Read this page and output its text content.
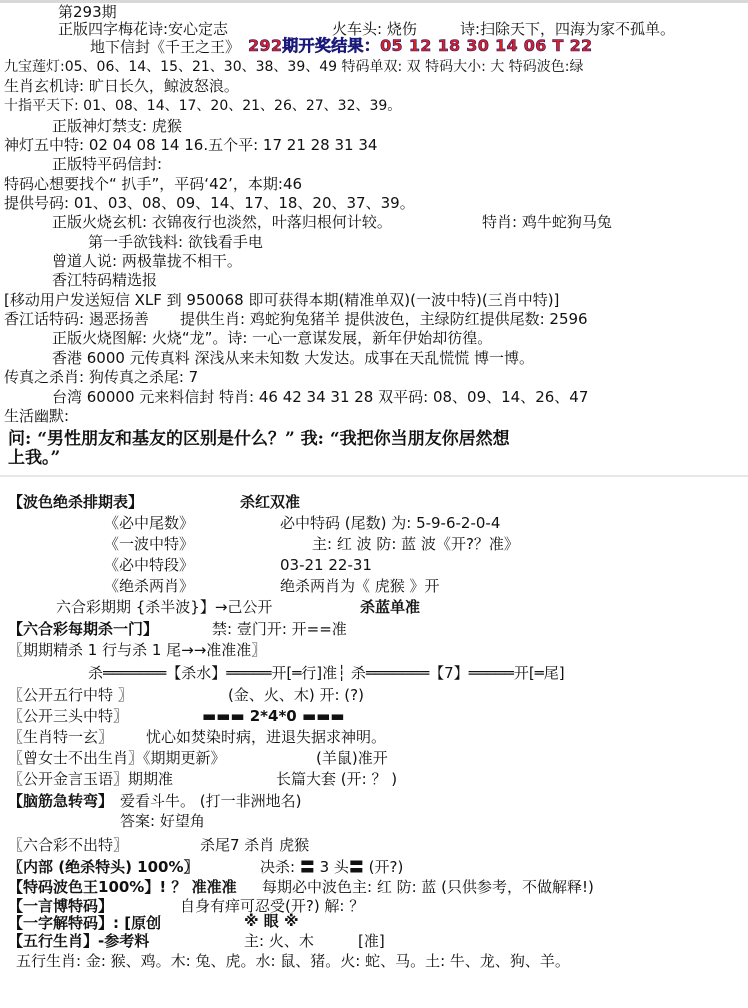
第293期
正版四字梅花诗:安心定志	火车头: 烧伤	诗:扫除天下，四海为家不孤单。
地下信封《千王之王》 292期开奖结果：05 12 18 30 14 06 T 22
九宝莲灯:05、06、14、15、21、30、38、39、49 特码单双: 双 特码大小: 大 特码波色:绿
生肖玄机诗: 旷日长久，鲸波怒浪。
十指平天下: 01、08、14、17、20、21、26、27、32、39。
正版神灯禁支: 虎猴
神灯五中特: 02 04 08 14 16.五个平: 17 21 28 31 34
正版特平码信封:
特码心想要找个“ 扒手”，平码‘42’，本期:46
提供号码: 01、03、08、09、14、17、18、20、37、39。
正版火烧玄机: 衣锦夜行也淡然，叶落归根何计较。	特肖: 鸡牛蛇狗马兔
第一手欲钱料: 欲钱看手电
曾道人说: 两极靠拢不相干。
香江特码精选报
[移动用户发送短信 XLF 到 950068 即可获得本期(精准单双)(一波中特)(三肖中特)]
香江话特码: 遏恶扬善 提供生肖: 鸡蛇狗兔猪羊 提供波色，主绿防红提供尾数: 2596
正版火烧图解: 火烧“龙”。诗: 一心一意谋发展，新年伊始却彷徨。
香港 6000 元传真料 深浅从来未知数 大发达。成事在天乱慌慌 博一博。
传真之杀肖: 狗传真之杀尾: 7
台湾 60000 元来料信封 特肖: 46 42 34 31 28 双平码: 08、09、14、26、47
生活幽默:
问: “男性朋友和基友的区别是什么？” 我: “我把你当朋友你居然想
上我。”
【波色绝杀排期表】	杀红双准
《必中尾数》	必中特码 (尾数) 为: 5-9-6-2-0-4
《一波中特》	主: 红 波 防: 蓝 波《开?？准》
《必中特段》	03-21 22-31
《绝杀两肖》	绝杀两肖为《 虎猴 》开
六合彩期期 {杀半波}】→己公开	杀蓝单准
【六合彩每期杀一门】	禁: 壹门开: 开==准
〖期期精杀 1 行与杀 1 尾→→准准准〗
杀═══════【杀水】═════开[═行]准┆ 杀═══════【7】═════开[═尾]
〖公开五行中特 〗	(金、火、木) 开: (?)
〖公开三头中特〗	▬▬▬ 2*4*0 ▬▬▬
〖生肖特一玄〗 忧心如焚染时病，进退失据求神明。
〖曾女士不出生肖〗《期期更新》	(羊鼠)准开
〖公开金言玉语〗期期准	长篇大套 (开: ？ )
【脑筋急转弯】 爱看斗牛。 (打一非洲地名)
答案: 好望角
〖六合彩不出特〗	杀尾7 杀肖 虎猴
〖内部 (绝杀特头) 100%〗	决杀: 〓 3 头〓 (开?)
【特码波色王100%】! ？ 准准准 每期必中波色主: 红 防: 蓝 (只供参考，不做解释!)
【一言博特码】	自身有痒可忍受(开?) 解: ？
【一字解特码】: [原创	※ 眼 ※
【五行生肖】-参考料	主: 火、木	[准]
五行生肖: 金: 猴、鸡。木: 兔、虎。水: 鼠、猪。火: 蛇、马。土: 牛、龙、狗、羊。
